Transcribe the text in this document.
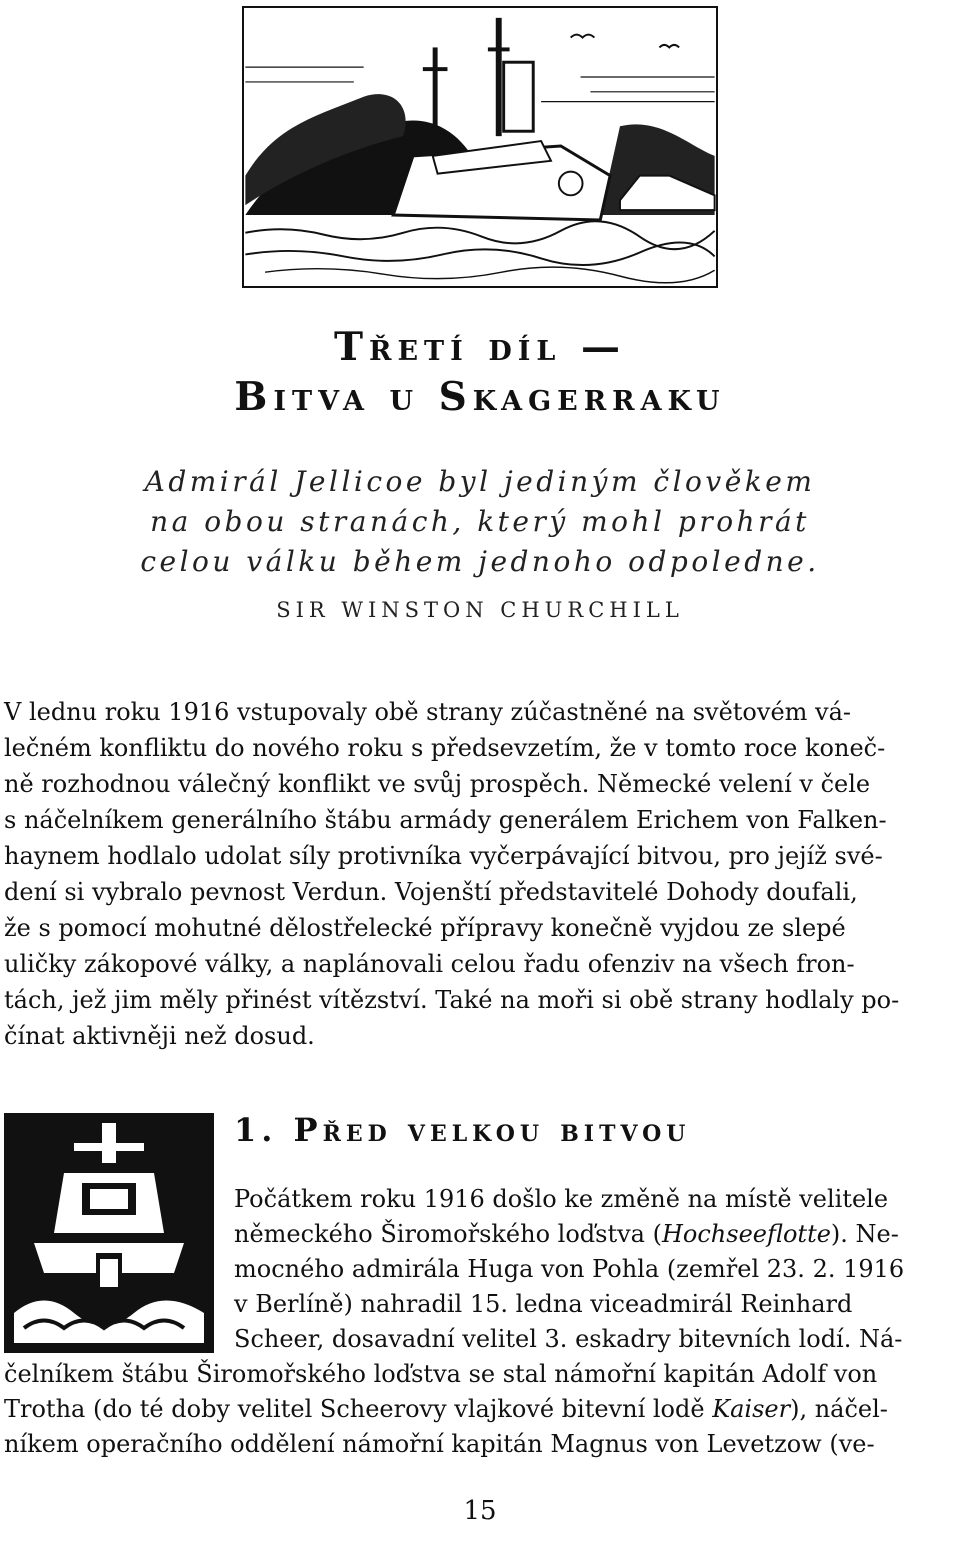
Třetí díl —
Bitva u Skagerraku
Admirál Jellicoe byl jediným člověkem
na obou stranách, který mohl prohrát
celou válku během jednoho odpoledne.
SIR WINSTON CHURCHILL
V lednu roku 1916 vstupovaly obě strany zúčastněné na světovém vá-
lečném konfliktu do nového roku s předsevzetím, že v tomto roce koneč-
ně rozhodnou válečný konflikt ve svůj prospěch. Německé velení v čele
s náčelníkem generálního štábu armády generálem Erichem von Falken-
haynem hodlalo udolat síly protivníka vyčerpávající bitvou, pro jejíž své-
dení si vybralo pevnost Verdun. Vojenští představitelé Dohody doufali,
že s pomocí mohutné dělostřelecké přípravy konečně vyjdou ze slepé
uličky zákopové války, a naplánovali celou řadu ofenziv na všech fron-
tách, jež jim měly přinést vítězství. Také na moři si obě strany hodlaly po-
čínat aktivněji než dosud.
1. Před velkou bitvou
Počátkem roku 1916 došlo ke změně na místě velitele
německého Širomořského loďstva (Hochseeflotte). Ne-
mocného admirála Huga von Pohla (zemřel 23. 2. 1916
v Berlíně) nahradil 15. ledna viceadmirál Reinhard
Scheer, dosavadní velitel 3. eskadry bitevních lodí. Ná-
čelníkem štábu Širomořského loďstva se stal námořní kapitán Adolf von
Trotha (do té doby velitel Scheerovy vlajkové bitevní lodě Kaiser), náčel-
níkem operačního oddělení námořní kapitán Magnus von Levetzow (ve-
15
